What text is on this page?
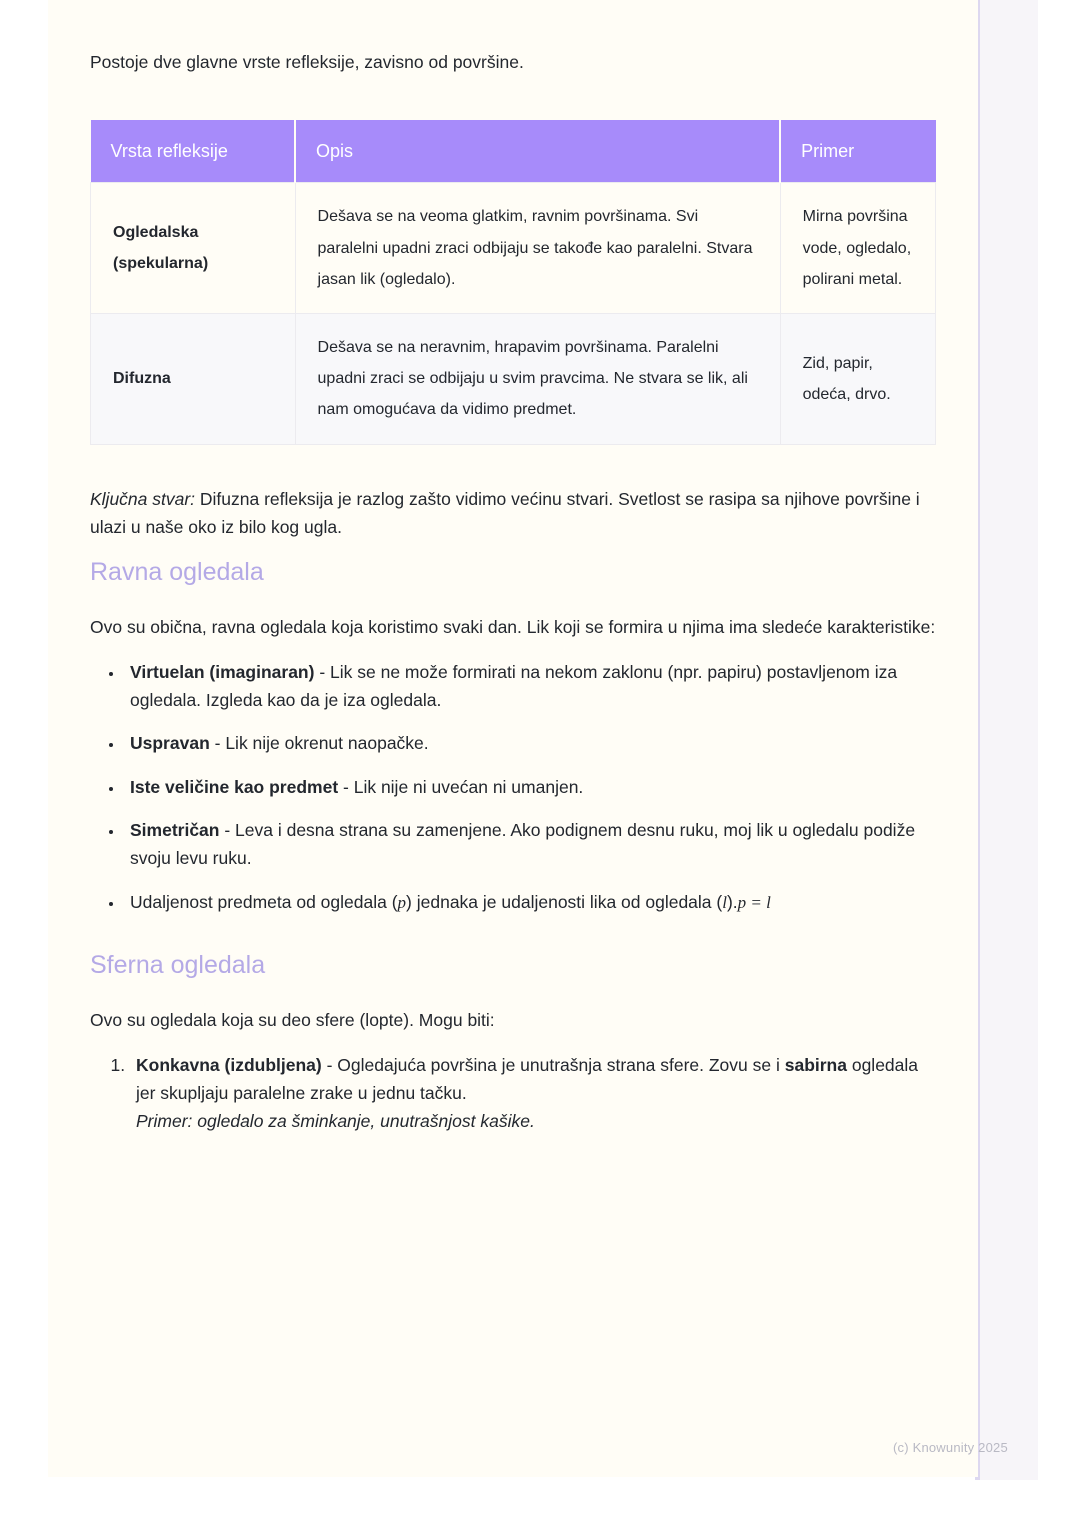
Postoje dve glavne vrste refleksije, zavisno od površine.

Vrsta refleksije	Opis	Primer
Ogledalska (spekularna)	Dešava se na veoma glatkim, ravnim površinama. Svi paralelni upadni zraci odbijaju se takođe kao paralelni. Stvara jasan lik (ogledalo).	Mirna površina vode, ogledalo, polirani metal.
Difuzna	Dešava se na neravnim, hrapavim površinama. Paralelni upadni zraci se odbijaju u svim pravcima. Ne stvara se lik, ali nam omogućava da vidimo predmet.	Zid, papir, odeća, drvo.

Ključna stvar: Difuzna refleksija je razlog zašto vidimo većinu stvari. Svetlost se rasipa sa njihove površine i ulazi u naše oko iz bilo kog ugla.

Ravna ogledala

Ovo su obična, ravna ogledala koja koristimo svaki dan. Lik koji se formira u njima ima sledeće karakteristike:

• Virtuelan (imaginaran) - Lik se ne može formirati na nekom zaklonu (npr. papiru) postavljenom iza ogledala. Izgleda kao da je iza ogledala.
• Uspravan - Lik nije okrenut naopačke.
• Iste veličine kao predmet - Lik nije ni uvećan ni umanjen.
• Simetričan - Leva i desna strana su zamenjene. Ako podignem desnu ruku, moj lik u ogledalu podiže svoju levu ruku.
• Udaljenost predmeta od ogledala (p) jednaka je udaljenosti lika od ogledala (l).p = l
Sferna ogledala

Ovo su ogledala koja su deo sfere (lopte). Mogu biti:

1. Konkavna (izdubljena) - Ogledajuća površina je unutrašnja strana sfere. Zovu se i sabirna ogledala jer skupljaju paralelne zrake u jednu tačku.
Primer: ogledalo za šminkanje, unutrašnjost kašike.
(c) Knowunity 2025
